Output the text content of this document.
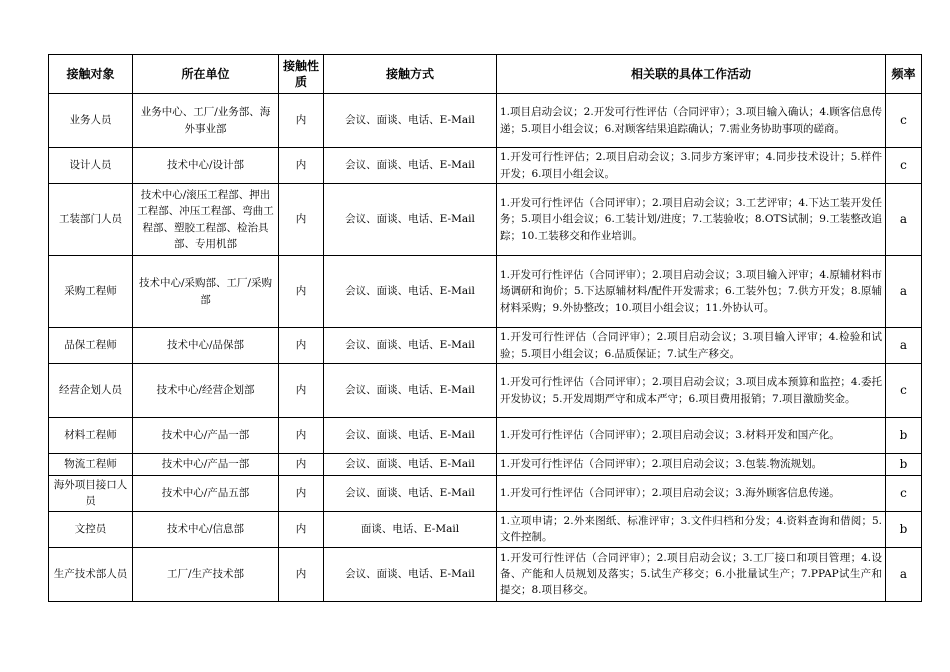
接触对象	所在单位	接触性质	接触方式	相关联的具体工作活动	频率
业务人员	业务中心、工厂/业务部、海外事业部	内	会议、面谈、电话、E-Mail	1.项目启动会议；2.开发可行性评估（合同评审）；3.项目输入确认；4.顾客信息传递；5.项目小组会议；6.对顾客结果追踪确认；7.需业务协助事项的磋商。	c
设计人员	技术中心/设计部	内	会议、面谈、电话、E-Mail	1.开发可行性评估；2.项目启动会议；3.同步方案评审；4.同步技术设计；5.样件开发；6.项目小组会议。	c
工装部门人员	技术中心/滚压工程部、押出工程部、冲压工程部、弯曲工程部、塑胶工程部、检治具部、专用机部	内	会议、面谈、电话、E-Mail	1.开发可行性评估（合同评审）；2.项目启动会议；3.工艺评审；4.下达工装开发任务；5.项目小组会议；6.工装计划/进度；7.工装验收；8.OTS试制；9.工装整改追踪；10.工装移交和作业培训。	a
采购工程师	技术中心/采购部、工厂/采购部	内	会议、面谈、电话、E-Mail	1.开发可行性评估（合同评审）；2.项目启动会议；3.项目输入评审；4.原辅材料市场调研和询价；5.下达原辅材料/配件开发需求；6.工装外包；7.供方开发；8.原辅材料采购；9.外协整改；10.项目小组会议；11.外协认可。	a
品保工程师	技术中心/品保部	内	会议、面谈、电话、E-Mail	1.开发可行性评估（合同评审）；2.项目启动会议；3.项目输入评审；4.检验和试验；5.项目小组会议；6.品质保证；7.试生产移交。	a
经营企划人员	技术中心/经营企划部	内	会议、面谈、电话、E-Mail	1.开发可行性评估（合同评审）；2.项目启动会议；3.项目成本预算和监控；4.委托开发协议；5.开发周期严守和成本严守；6.项目费用报销；7.项目激励奖金。	c
材料工程师	技术中心/产品一部	内	会议、面谈、电话、E-Mail	1.开发可行性评估（合同评审）；2.项目启动会议；3.材料开发和国产化。	b
物流工程师	技术中心/产品一部	内	会议、面谈、电话、E-Mail	1.开发可行性评估（合同评审）；2.项目启动会议；3.包装.物流规划。	b
海外项目接口人员	技术中心/产品五部	内	会议、面谈、电话、E-Mail	1.开发可行性评估（合同评审）；2.项目启动会议；3.海外顾客信息传递。	c
文控员	技术中心/信息部	内	面谈、电话、E-Mail	1.立项申请；2.外来图纸、标准评审；3.文件归档和分发；4.资料查询和借阅；5.文件控制。	b
生产技术部人员	工厂/生产技术部	内	会议、面谈、电话、E-Mail	1.开发可行性评估（合同评审）；2.项目启动会议；3.工厂接口和项目管理；4.设备、产能和人员规划及落实；5.试生产移交；6.小批量试生产；7.PPAP试生产和提交；8.项目移交。	a
